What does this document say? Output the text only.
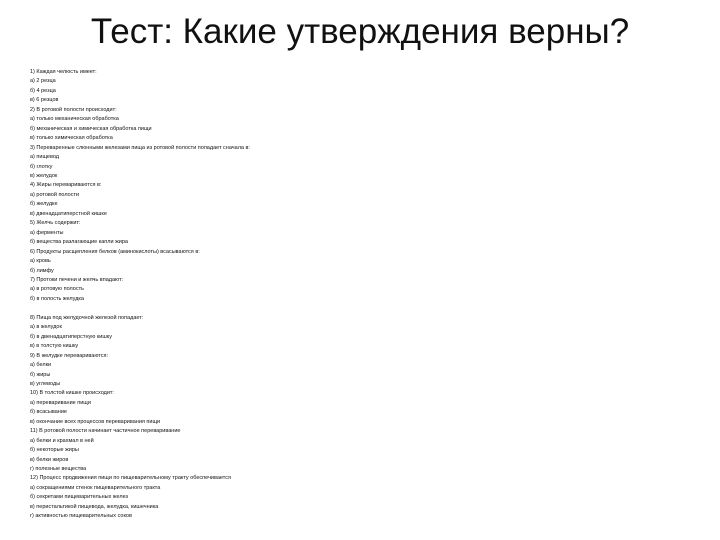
Тест: Какие утверждения верны?
1) Каждая челюсть имеет:
а) 2 резца
б) 4 резца
в) 6 резцов
2) В ротовой полости происходит:
а) только механическая обработка
б) механическая и химическая обработка пищи
в) только химическая обработка
3) Переваренные слюнными железами пища из ротовой полости попадает сначала в:
а) пищевод
б) глотку
в) желудок
4) Жиры перевариваются в:
а) ротовой полости
б) желудке
в) двенадцатиперстной кишке
5) Желчь содержит:
а) ферменты
б) вещества разлагающие капли жира
6) Продукты расщепления белков (аминокислоты) всасываются в:
а) кровь
б) лимфу
7) Протоки печени и желчь впадают:
а) в ротовую полость
б) в полость желудка
8) Пища под желудочной железой попадает:
а) в желудок
б) в двенадцатиперстную кишку
в) в толстую кишку
9) В желудке перевариваются:
а) белки
б) жиры
в) углеводы
10) В толстой кишке происходит:
а) переваривание пищи
б) всасывание
в) окончание всех процессов переваривания пищи
11) В ротовой полости начинает частичное переваривание
а) белки и крахмал в ней
б) некоторые жиры
в) белки жиров
г) полезные вещества
12) Процесс продвижения пищи по пищеварительному тракту обеспечивается
а) сокращениями стенок пищеварительного тракта
б) секретами пищеварительных желез
в) перистальтикой пищевода, желудка, кишечника
г) активностью пищеварительных соков
